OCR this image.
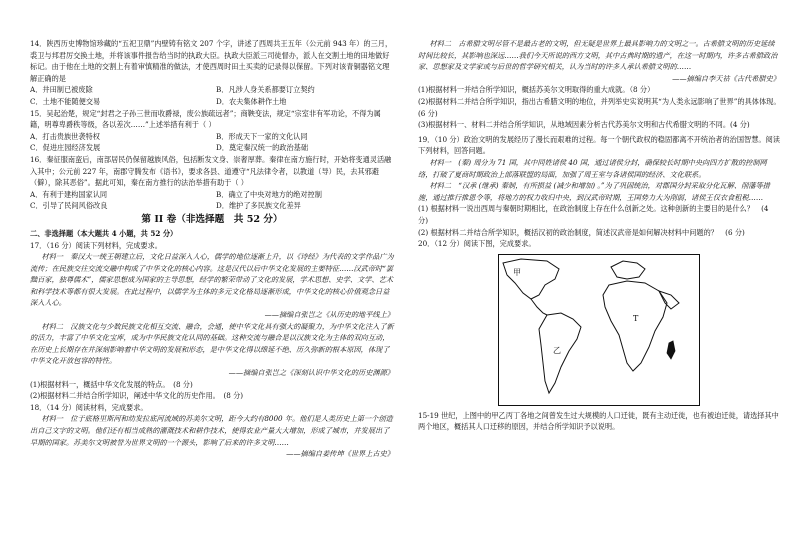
14．陕西历史博物馆珍藏的“五祀卫鼎”内壁铸有铭文 207 个字，讲述了西周共王五年（公元前 943 年）的三月，裘卫与邦君厉交换土地，并将该事件报告给当时的执政大臣。执政大臣派三司徒督办，派人在交割土地的田地做好标记。由于他在土地的交割上有着审慎精准的做法，才使西周时田土买卖的记录得以保留。下列对该青铜器铭文理解正确的是

A．井田制已被废除	B．凡涉人身关系都要订立契约
C．土地不能随便交易	D．农夫集体耕作土地

15．吴起治楚，规定“封君之子孙三世而收爵禄，废公族疏远者”；商鞅变法，规定“宗室非有军功论，不得为属籍，明尊卑爵秩等级，各以差次……”上述举措有利于（ ）

A．打击贵族世袭特权	B．形成天下一家的文化认同
C．促进庄园经济发展	D．奠定秦汉统一的政治基础

16．秦征服南蛮后，南部居民仍保留越族风俗，包括断发文身、崇奢厚葬。秦律在南方施行时，开始将变通灵活融入其中；公元前 227 年，南郡守腾发布《语书》，要求各县、道遵守“凡法律令者，以教道（导）民，去其邪避（僻），除其恶俗”。据此可知，秦在南方推行的法治举措有助于（ ）

A．有利于建构国家认同	B．确立了中央对地方的绝对控制
C．引导了民间风俗改良	D．维护了多民族文化差异

第 II 卷（非选择题　共 52 分）

二、非选择题（本大题共 4 小题，共 52 分）

17．（16 分）阅读下列材料，完成要求。

材料一　秦汉大一统王朝建立后，文化日益深入人心，儒学的地位逐渐上升，以《诗经》为代表的文学作品广为流传；在民族交往交流交融中构成了中华文化的核心内容。这是汉代以后中华文化发展的主要特征……汉武帝时“罢黜百家，独尊儒术”，儒家思想成为国家的主导思想，经学的繁荣带动了文化的发展，学术思想、史学、文学、艺术和科学技术等都有很大发展。在此过程中，以儒学为主体的多元文化格局逐渐形成，中华文化的核心价值观念日益深入人心。

——摘编自张岂之《从历史的地平线上》

材料二　汉族文化与少数民族文化相互交流、融合，会通，使中华文化具有强大的凝聚力，为中华文化注入了新的活力，丰富了中华文化宝库，成为中华民族文化认同的基础。这种交流与融合是以汉族文化为主体的双向互动，在历史上长期存在并深刻影响着中华文明的发展和形态，是中华文化得以绵延不绝、历久弥新的根本原因，体现了中华文化开放包容的特性。

——摘编自张岂之《深刻认识中华文化的历史渊源》

(1)根据材料一，概括中华文化发展的特点。　(8 分)

(2)根据材料二并结合所学知识，阐述中华文化的历史作用。　(8 分)

18．（14 分）阅读材料，完成要求。

材料一　位于底格里斯河和幼发拉底河流域的苏美尔文明，距今大约有8000 年。他们是人类历史上第一个创造出自己文字的文明。他们还有相当成熟的灌溉技术和耕作技术，使得农业产量大大增加，形成了城市，并发展出了早期的国家。苏美尔文明被誉为世界文明的一个源头，影响了后来的许多文明……

——摘编自姜传坤《世界上古史》

材料二　古希腊文明尽管不是最古老的文明，但无疑是世界上最具影响力的文明之一。古希腊文明的历史延续时间比较长，其影响也深远……我们今天所说的西方文明，其中古典时期的遗产，在这一时期内，许多古希腊政治家、思想家及文学家或与后世的哲学研究相关，认为当时的许多人承认希腊文明的……

——摘编自李天祜《古代希腊史》

(1)根据材料一并结合所学知识，概括苏美尔文明取得的重大成就。（8 分）

(2)根据材料二并结合所学知识，指出古希腊文明的地位，并列举史实说明其“为人类永远影响了世界”的具体体现。　(6 分)

(3)根据材料一、材料二并结合所学知识，从地域因素分析古代苏美尔文明和古代希腊文明的不同。(4 分)

19．（10 分）政治文明的发展经历了漫长而艰难的过程。每一个朝代政权的稳固都离不开统治者的治国智慧。阅读下列材料，回答问题。

材料一　(秦) 周分为 71 国，其中同姓诸侯 40 国，通过诸侯分封，确保较长时期中央向四方扩散的控制网络，打破了夏商时期政治上部落联盟的局面，加强了周王室与各诸侯国的经济、文化联系。

材料二　“汉承 (继承) 秦制，有所损益 (减少和增加) 。”为了巩固统治，对郡国分封采取分化瓦解、削藩等措施，通过推行推恩令等，将地方的权力收归中央，到汉武帝时期，王国势力大为削弱，诸侯王仅衣食租税……

(1) 根据材料一说出西周与秦朝时期相比，在政治制度上存在什么创新之处。这种创新的主要目的是什么？　(4 分)

(2) 根据材料二并结合所学知识，概括汉初的政治制度，简述汉武帝是如何解决材料中问题的？　(6 分)

20．（12 分）阅读下图，完成要求。

甲
乙
T

15-19 世纪，上图中的甲乙丙丁各地之间曾发生过大规模的人口迁徙，既有主动迁徙，也有被迫迁徙，请选择其中两个地区，概括其人口迁移的原因，并结合所学知识予以说明。
